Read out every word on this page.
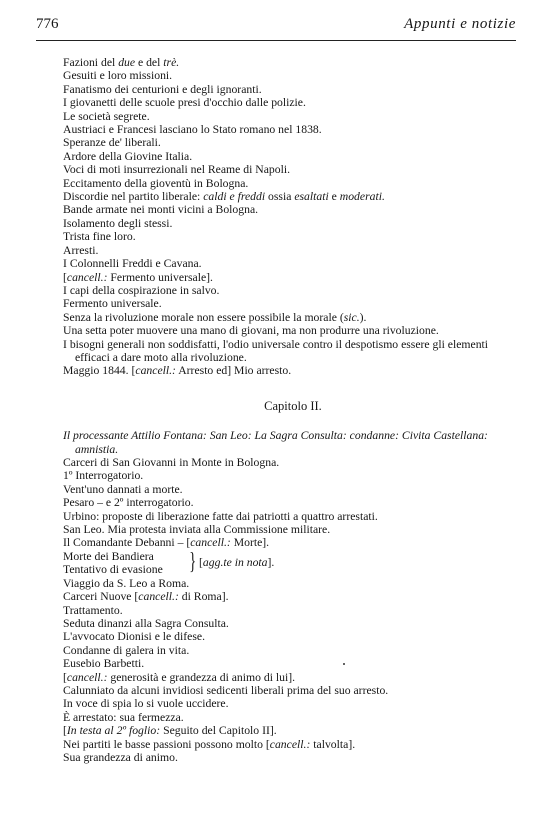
776	Appunti e notizie
Fazioni del due e del trè.
Gesuiti e loro missioni.
Fanatismo dei centurioni e degli ignoranti.
I giovanetti delle scuole presi d'occhio dalle polizie.
Le società segrete.
Austriaci e Francesi lasciano lo Stato romano nel 1838.
Speranze de' liberali.
Ardore della Giovine Italia.
Voci di moti insurrezionali nel Reame di Napoli.
Eccitamento della gioventù in Bologna.
Discordie nel partito liberale: caldi e freddi ossia esaltati e moderati.
Bande armate nei monti vicini a Bologna.
Isolamento degli stessi.
Trista fine loro.
Arresti.
I Colonnelli Freddi e Cavana.
[cancell.: Fermento universale].
I capi della cospirazione in salvo.
Fermento universale.
Senza la rivoluzione morale non essere possibile la morale (sic.).
Una setta poter muovere una mano di giovani, ma non produrre una rivoluzione.
I bisogni generali non soddisfatti, l'odio universale contro il despotismo essere gli elementi efficaci a dare moto alla rivoluzione.
Maggio 1844. [cancell.: Arresto ed] Mio arresto.
Capitolo II.
Il processante Attilio Fontana: San Leo: La Sagra Consulta: condanne: Civita Castellana: amnistia.
Carceri di San Giovanni in Monte in Bologna.
1º Interrogatorio.
Vent'uno dannati a morte.
Pesaro – e 2º interrogatorio.
Urbino: proposte di liberazione fatte dai patriotti a quattro arrestati.
San Leo. Mia protesta inviata alla Commissione militare.
Il Comandante Debanni – [cancell.: Morte].
Morte dei Bandiera
Tentativo di evasione } [agg.te in nota].
Viaggio da S. Leo a Roma.
Carceri Nuove [cancell.: di Roma].
Trattamento.
Seduta dinanzi alla Sagra Consulta.
L'avvocato Dionisi e le difese.
Condanne di galera in vita.
Eusebio Barbetti.
[cancell.: generosità e grandezza di animo di lui].
Calunniato da alcuni invidiosi sedicenti liberali prima del suo arresto.
In voce di spia lo si vuole uccidere.
È arrestato: sua fermezza.
[In testa al 2º foglio: Seguito del Capitolo II].
Nei partiti le basse passioni possono molto [cancell.: talvolta].
Sua grandezza di animo.
